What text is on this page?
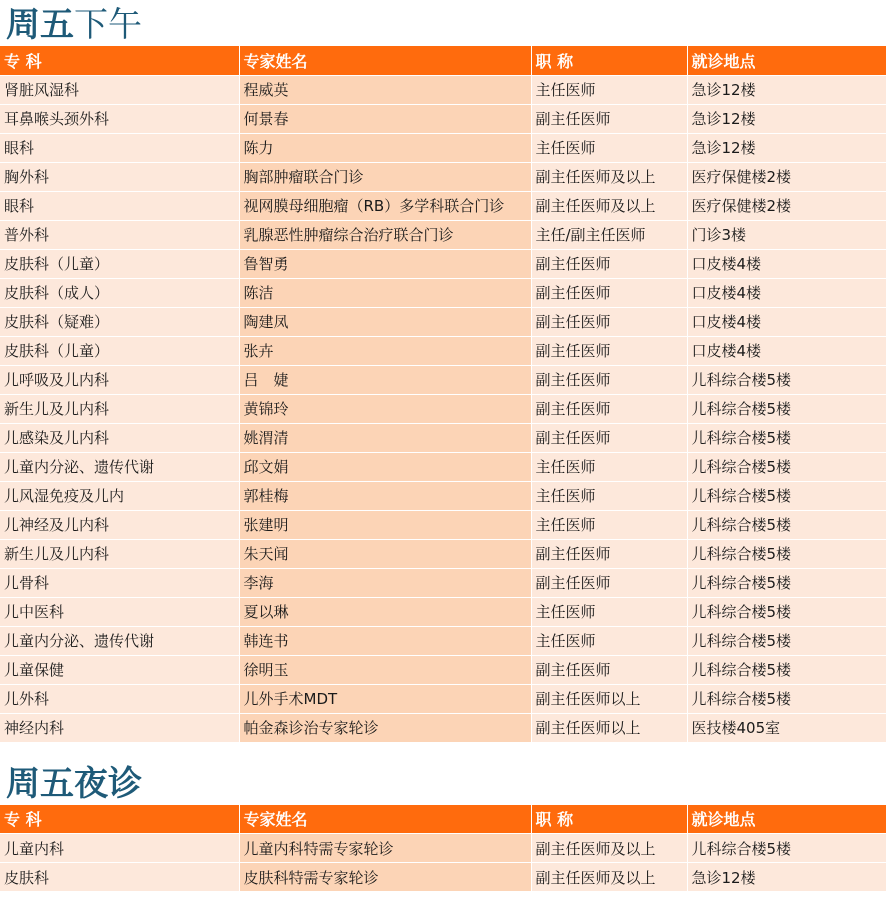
周五下午
专 科	专家姓名	职 称	就诊地点
肾脏风湿科	程威英	主任医师	急诊12楼
耳鼻喉头颈外科	何景春	副主任医师	急诊12楼
眼科	陈力	主任医师	急诊12楼
胸外科	胸部肿瘤联合门诊	副主任医师及以上	医疗保健楼2楼
眼科	视网膜母细胞瘤（RB）多学科联合门诊	副主任医师及以上	医疗保健楼2楼
普外科	乳腺恶性肿瘤综合治疗联合门诊	主任/副主任医师	门诊3楼
皮肤科（儿童）	鲁智勇	副主任医师	口皮楼4楼
皮肤科（成人）	陈洁	副主任医师	口皮楼4楼
皮肤科（疑难）	陶建凤	副主任医师	口皮楼4楼
皮肤科（儿童）	张卉	副主任医师	口皮楼4楼
儿呼吸及儿内科	吕　婕	副主任医师	儿科综合楼5楼
新生儿及儿内科	黄锦玲	副主任医师	儿科综合楼5楼
儿感染及儿内科	姚渭清	副主任医师	儿科综合楼5楼
儿童内分泌、遗传代谢	邱文娟	主任医师	儿科综合楼5楼
儿风湿免疫及儿内	郭桂梅	主任医师	儿科综合楼5楼
儿神经及儿内科	张建明	主任医师	儿科综合楼5楼
新生儿及儿内科	朱天闻	副主任医师	儿科综合楼5楼
儿骨科	李海	副主任医师	儿科综合楼5楼
儿中医科	夏以琳	主任医师	儿科综合楼5楼
儿童内分泌、遗传代谢	韩连书	主任医师	儿科综合楼5楼
儿童保健	徐明玉	副主任医师	儿科综合楼5楼
儿外科	儿外手术MDT	副主任医师以上	儿科综合楼5楼
神经内科	帕金森诊治专家轮诊	副主任医师以上	医技楼405室
周五夜诊
专 科	专家姓名	职 称	就诊地点
儿童内科	儿童内科特需专家轮诊	副主任医师及以上	儿科综合楼5楼
皮肤科	皮肤科特需专家轮诊	副主任医师及以上	急诊12楼
